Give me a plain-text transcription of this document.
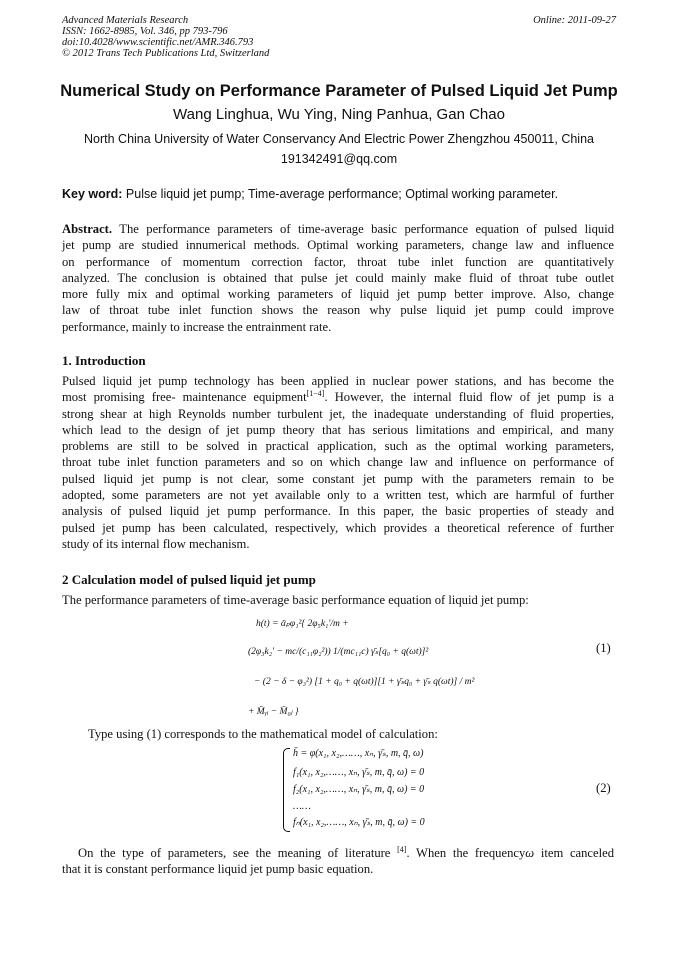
Advanced Materials Research
ISSN: 1662-8985, Vol. 346, pp 793-796
doi:10.4028/www.scientific.net/AMR.346.793
© 2012 Trans Tech Publications Ltd, Switzerland
Online: 2011-09-27
Numerical Study on Performance Parameter of Pulsed Liquid Jet Pump
Wang Linghua, Wu Ying, Ning Panhua, Gan Chao
North China University of Water Conservancy And Electric Power Zhengzhou 450011, China
191342491@qq.com
Key word: Pulse liquid jet pump; Time-average performance; Optimal working parameter.
Abstract. The performance parameters of time-average basic performance equation of pulsed liquid
jet pump are studied innumerical methods. Optimal working parameters, change law and influence
on performance of momentum correction factor, throat tube inlet function are quantitatively
analyzed. The conclusion is obtained that pulse jet could mainly make fluid of throat tube outlet
more fully mix and optimal working parameters of liquid jet pump better improve. Also, change
law of throat tube inlet function shows the reason why pulse liquid jet pump could improve
performance, mainly to increase the entrainment rate.
1. Introduction
Pulsed liquid jet pump technology has been applied in nuclear power stations, and has become the
most promising free- maintenance equipment[1−4]. However, the internal fluid flow of jet pump is a
strong shear at high Reynolds number turbulent jet, the inadequate understanding of fluid properties,
which lead to the design of jet pump theory that has serious limitations and empirical, and many
problems are still to be solved in practical application, such as the optimal working parameters,
throat tube inlet function parameters and so on which change law and influence on performance of
pulsed liquid jet pump is not clear, some constant jet pump with the parameters remain to be
adopted, some parameters are not yet available only to a written test, which are harmful of further
analysis of pulsed liquid jet pump performance. In this paper, the basic properties of steady and
pulsed jet pump has been calculated, respectively, which provides a theoretical reference of further
study of its internal flow mechanism.
2 Calculation model of pulsed liquid jet pump
The performance parameters of time-average basic performance equation of liquid jet pump:
h(t) = ᾱₚφ₁²{ 2φ₅k₁′/m +
(2φ₃k₂′ − mc/(c₁₁φ₂²)) 1/(mc₁₁c) γ̄ₛ[q₀ + q(ωt)]²
− (2 − δ − φ₃²) [1 + q₀ + q(ωt)][1 + γ̄ₛq₀ + γ̄ₛ q(ωt)] / m²
+ M̄ᵧᵢ − M̄₀ⱼ }
(1)
Type using (1) corresponds to the mathematical model of calculation:
h̄ = φ(x₁, x₂,……, xₙ, γ̄ₛ, m, q̄, ω)
f₁(x₁, x₂,……, xₙ, γ̄ₛ, m, q̄, ω) = 0
f₂(x₁, x₂,……, xₙ, γ̄ₛ, m, q̄, ω) = 0
……
fₙ(x₁, x₂,……, xₙ, γ̄ₛ, m, q̄, ω) = 0
(2)
On the type of parameters, see the meaning of literature [4]. When the frequencyω item canceled
that it is constant performance liquid jet pump basic equation.
